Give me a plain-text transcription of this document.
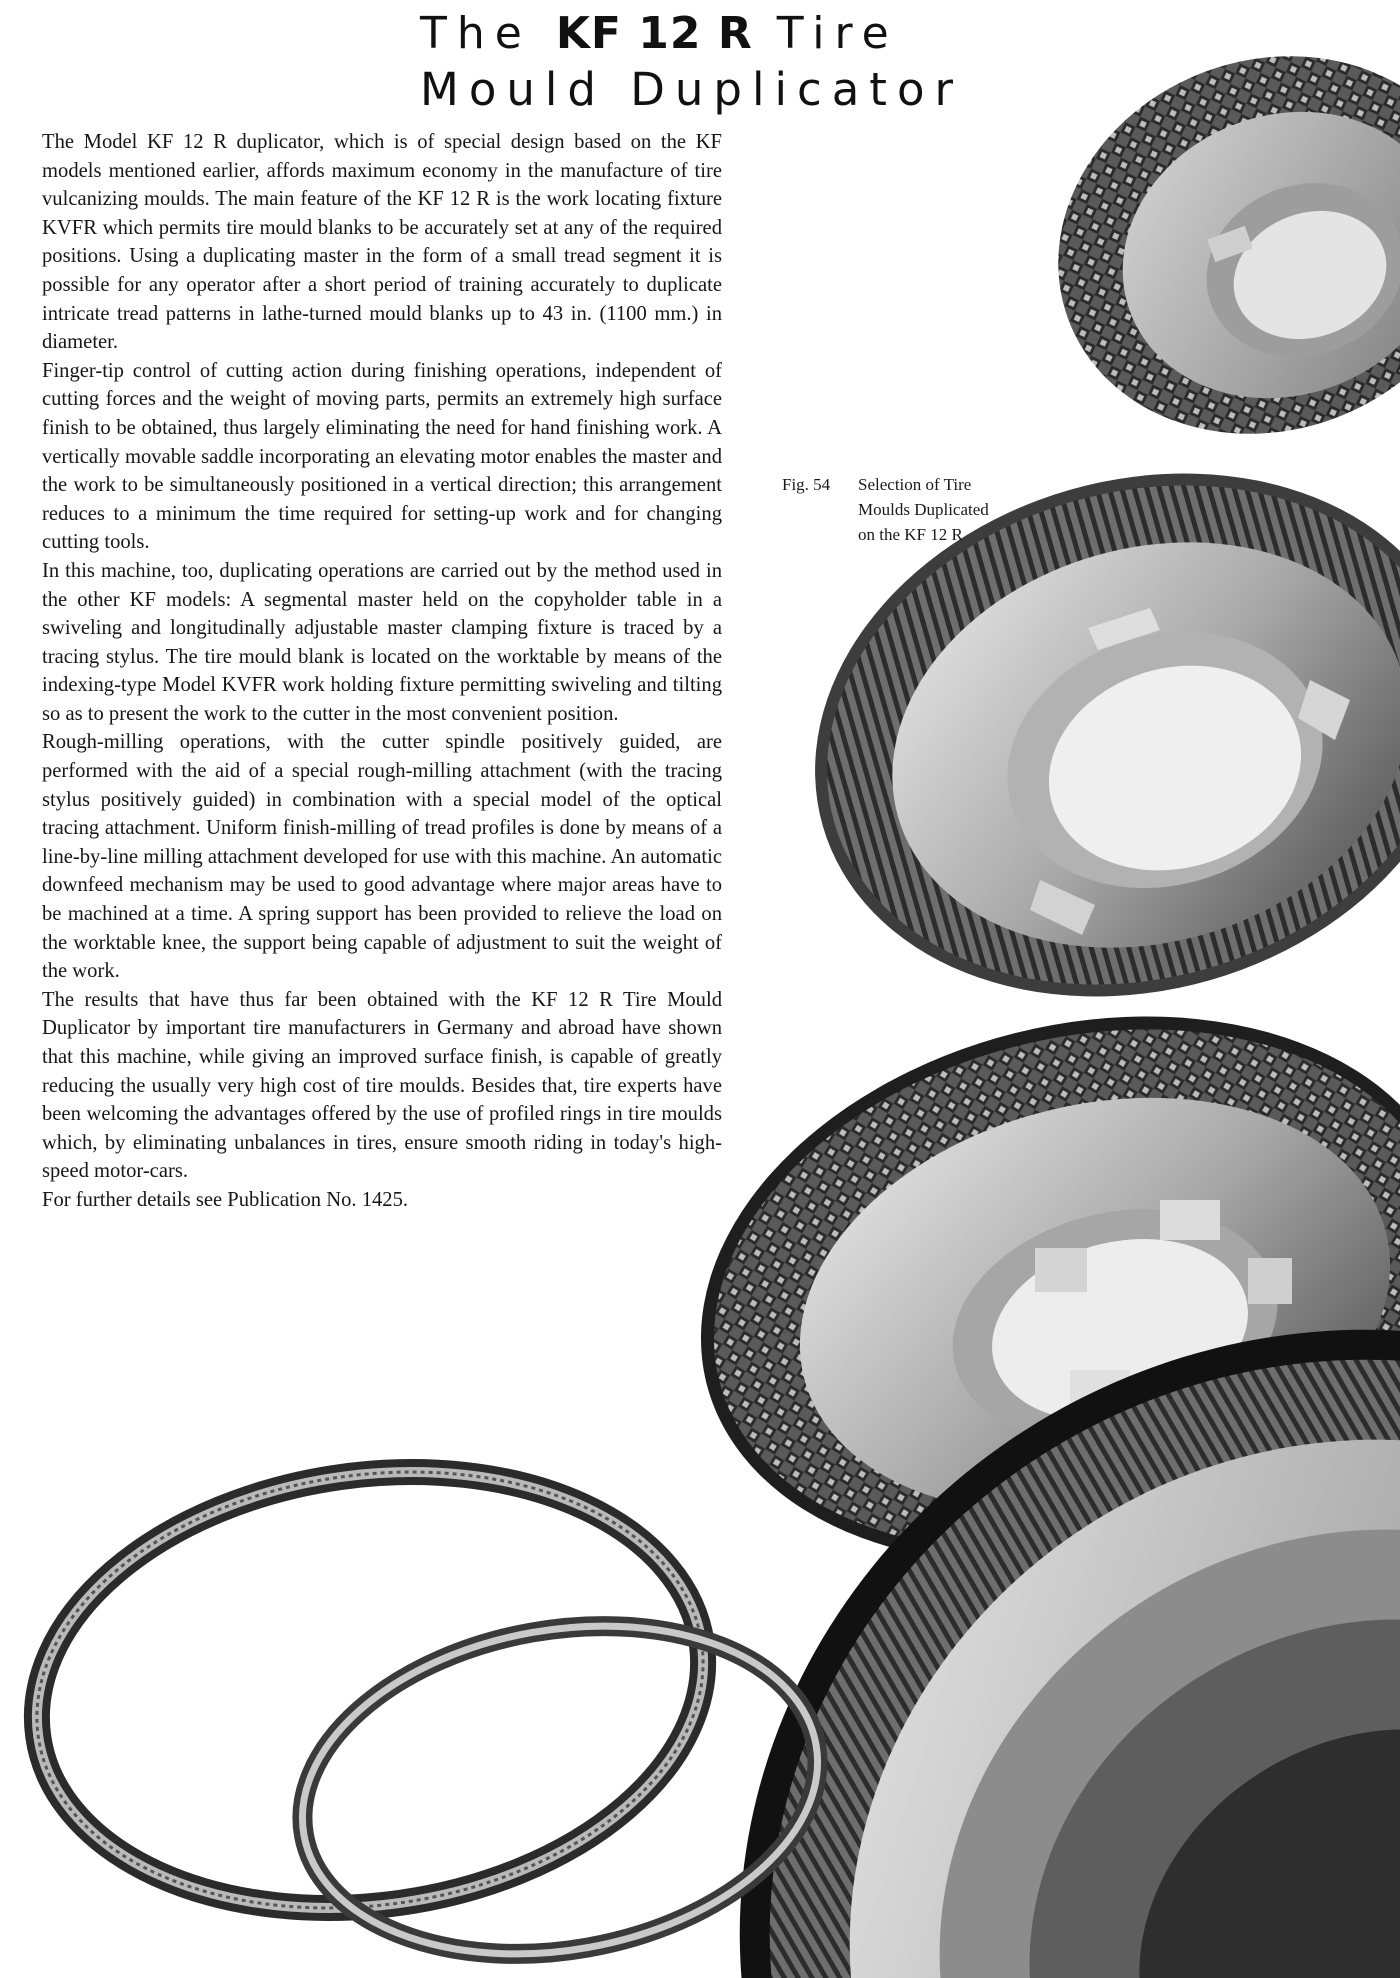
The KF 12 R Tire
Mould Duplicator

The Model KF 12 R duplicator, which is of special design based on the KF models mentioned earlier, affords maximum economy in the manufacture of tire vulcanizing moulds. The main feature of the KF 12 R is the work locating fixture KVFR which permits tire mould blanks to be accurately set at any of the required positions. Using a duplicating master in the form of a small tread segment it is possible for any operator after a short period of training accurately to duplicate intricate tread patterns in lathe-turned mould blanks up to 43 in. (1100 mm.) in diameter.

Finger-tip control of cutting action during finishing operations, independent of cutting forces and the weight of moving parts, permits an extremely high surface finish to be obtained, thus largely eliminating the need for hand finishing work. A vertically movable saddle incorporating an elevating motor enables the master and the work to be simultaneously positioned in a vertical direction; this arrangement reduces to a minimum the time required for setting-up work and for changing cutting tools.

In this machine, too, duplicating operations are carried out by the method used in the other KF models: A segmental master held on the copyholder table in a swiveling and longitudinally adjustable master clamping fixture is traced by a tracing stylus. The tire mould blank is located on the worktable by means of the indexing-type Model KVFR work holding fixture permitting swiveling and tilting so as to present the work to the cutter in the most convenient position.

Rough-milling operations, with the cutter spindle positively guided, are performed with the aid of a special rough-milling attachment (with the tracing stylus positively guided) in combination with a special model of the optical tracing attachment. Uniform finish-milling of tread profiles is done by means of a line-by-line milling attachment developed for use with this machine. An automatic downfeed mechanism may be used to good advantage where major areas have to be machined at a time. A spring support has been provided to relieve the load on the worktable knee, the support being capable of adjustment to suit the weight of the work.

The results that have thus far been obtained with the KF 12 R Tire Mould Duplicator by important tire manufacturers in Germany and abroad have shown that this machine, while giving an improved surface finish, is capable of greatly reducing the usually very high cost of tire moulds. Besides that, tire experts have been welcoming the advantages offered by the use of profiled rings in tire moulds which, by eliminating unbalances in tires, ensure smooth riding in today's high-speed motor-cars.

For further details see Publication No. 1425.

Fig. 54	Selection of Tire
Moulds Duplicated
on the KF 12 R
